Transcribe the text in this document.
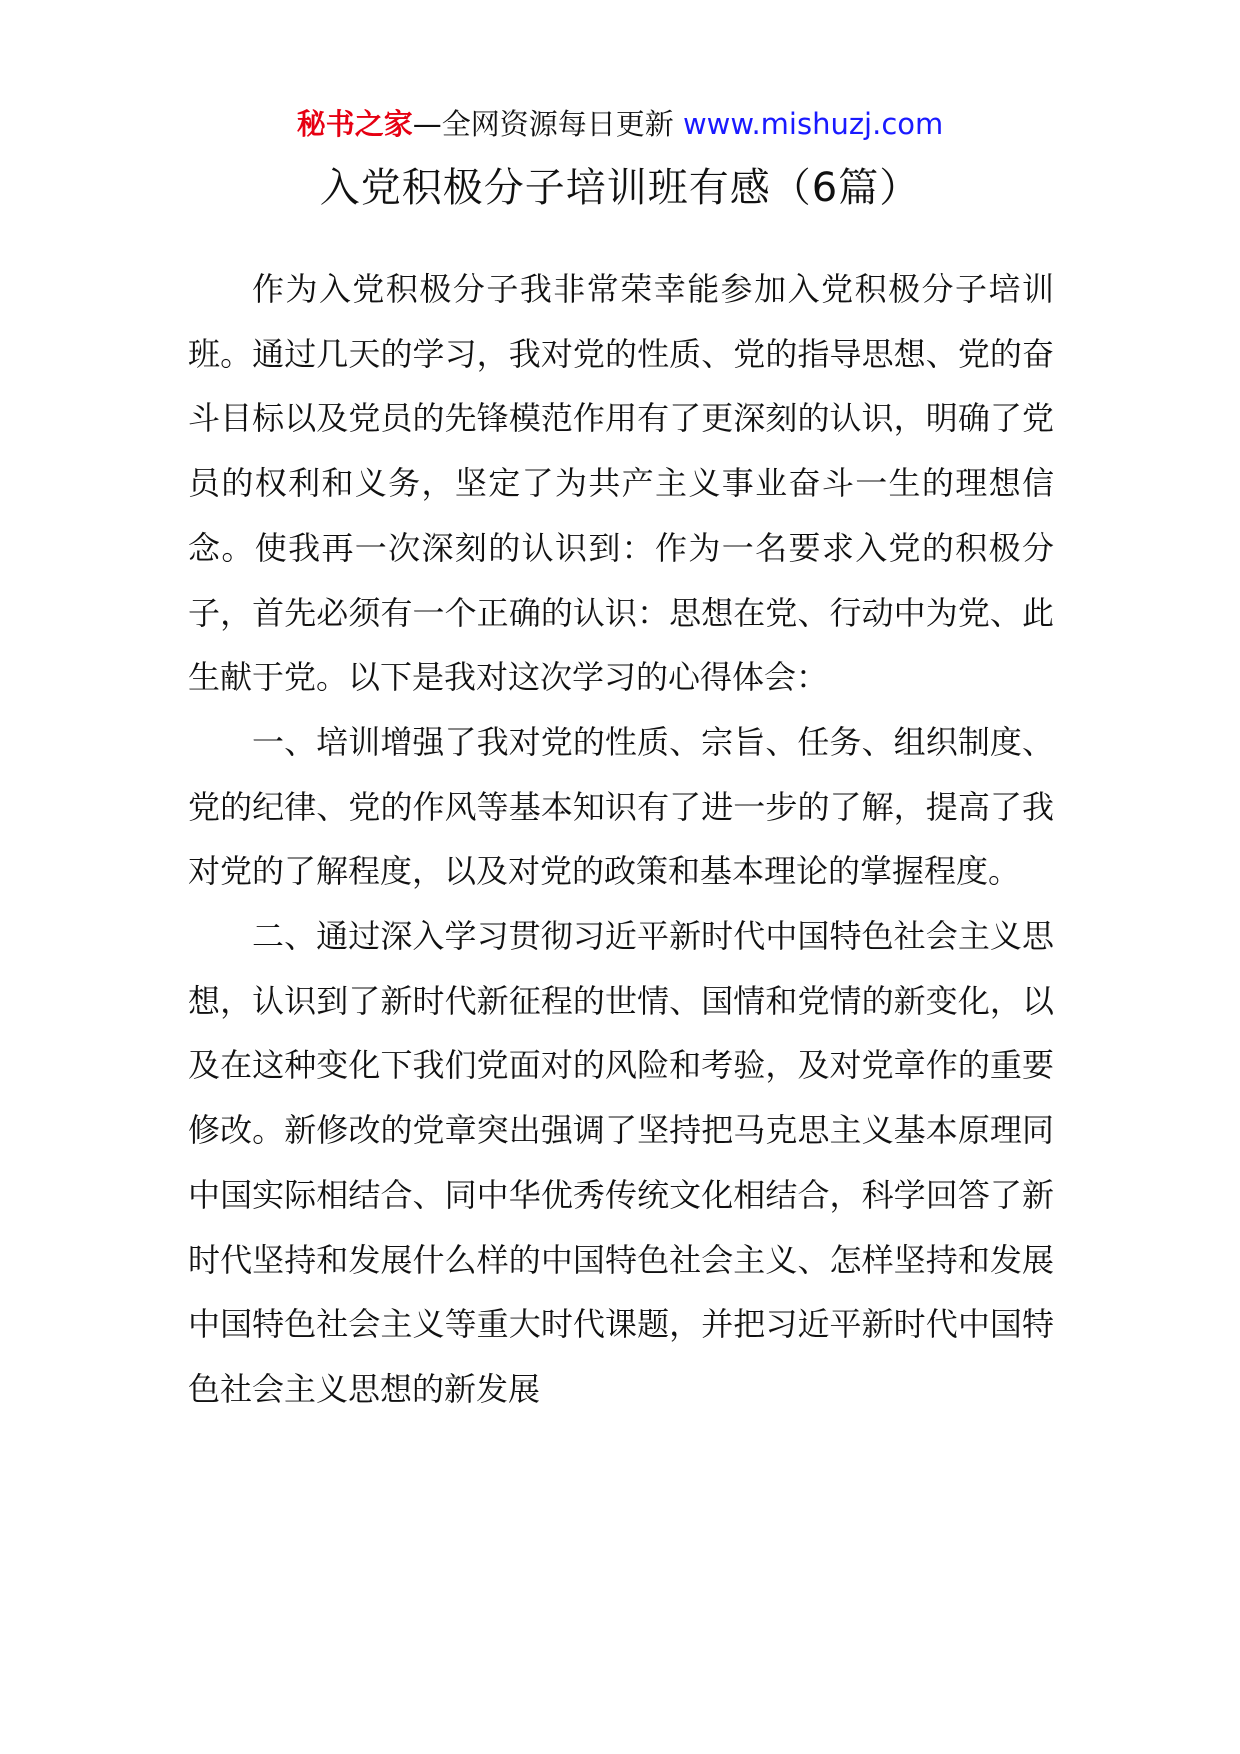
秘书之家—全网资源每日更新 www.mishuzj.com
入党积极分子培训班有感（6篇）

作为入党积极分子我非常荣幸能参加入党积极分子培训班。通过几天的学习，我对党的性质、党的指导思想、党的奋斗目标以及党员的先锋模范作用有了更深刻的认识，明确了党员的权利和义务，坚定了为共产主义事业奋斗一生的理想信念。使我再一次深刻的认识到：作为一名要求入党的积极分子，首先必须有一个正确的认识：思想在党、行动中为党、此生献于党。以下是我对这次学习的心得体会：

一、培训增强了我对党的性质、宗旨、任务、组织制度、党的纪律、党的作风等基本知识有了进一步的了解，提高了我对党的了解程度，以及对党的政策和基本理论的掌握程度。

二、通过深入学习贯彻习近平新时代中国特色社会主义思想，认识到了新时代新征程的世情、国情和党情的新变化，以及在这种变化下我们党面对的风险和考验，及对党章作的重要修改。新修改的党章突出强调了坚持把马克思主义基本原理同中国实际相结合、同中华优秀传统文化相结合，科学回答了新时代坚持和发展什么样的中国特色社会主义、怎样坚持和发展中国特色社会主义等重大时代课题，并把习近平新时代中国特色社会主义思想的新发展
